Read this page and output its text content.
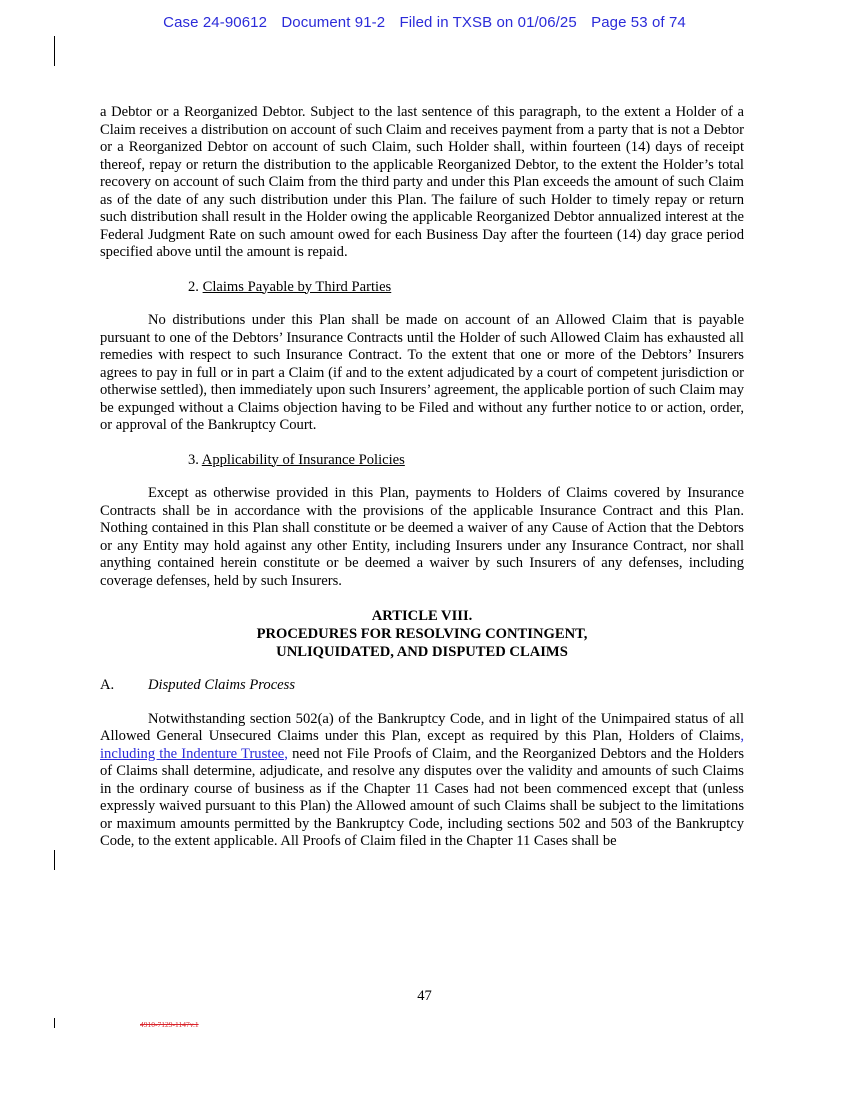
Case 24-90612 Document 91-2 Filed in TXSB on 01/06/25 Page 53 of 74

a Debtor or a Reorganized Debtor. Subject to the last sentence of this paragraph, to the extent a Holder of a Claim receives a distribution on account of such Claim and receives payment from a party that is not a Debtor or a Reorganized Debtor on account of such Claim, such Holder shall, within fourteen (14) days of receipt thereof, repay or return the distribution to the applicable Reorganized Debtor, to the extent the Holder’s total recovery on account of such Claim from the third party and under this Plan exceeds the amount of such Claim as of the date of any such distribution under this Plan. The failure of such Holder to timely repay or return such distribution shall result in the Holder owing the applicable Reorganized Debtor annualized interest at the Federal Judgment Rate on such amount owed for each Business Day after the fourteen (14) day grace period specified above until the amount is repaid.

2. Claims Payable by Third Parties

No distributions under this Plan shall be made on account of an Allowed Claim that is payable pursuant to one of the Debtors’ Insurance Contracts until the Holder of such Allowed Claim has exhausted all remedies with respect to such Insurance Contract. To the extent that one or more of the Debtors’ Insurers agrees to pay in full or in part a Claim (if and to the extent adjudicated by a court of competent jurisdiction or otherwise settled), then immediately upon such Insurers’ agreement, the applicable portion of such Claim may be expunged without a Claims objection having to be Filed and without any further notice to or action, order, or approval of the Bankruptcy Court.

3. Applicability of Insurance Policies

Except as otherwise provided in this Plan, payments to Holders of Claims covered by Insurance Contracts shall be in accordance with the provisions of the applicable Insurance Contract and this Plan. Nothing contained in this Plan shall constitute or be deemed a waiver of any Cause of Action that the Debtors or any Entity may hold against any other Entity, including Insurers under any Insurance Contract, nor shall anything contained herein constitute or be deemed a waiver by such Insurers of any defenses, including coverage defenses, held by such Insurers.

ARTICLE VIII.
PROCEDURES FOR RESOLVING CONTINGENT,
UNLIQUIDATED, AND DISPUTED CLAIMS
A. Disputed Claims Process

Notwithstanding section 502(a) of the Bankruptcy Code, and in light of the Unimpaired status of all Allowed General Unsecured Claims under this Plan, except as required by this Plan, Holders of Claims, including the Indenture Trustee, need not File Proofs of Claim, and the Reorganized Debtors and the Holders of Claims shall determine, adjudicate, and resolve any disputes over the validity and amounts of such Claims in the ordinary course of business as if the Chapter 11 Cases had not been commenced except that (unless expressly waived pursuant to this Plan) the Allowed amount of such Claims shall be subject to the limitations or maximum amounts permitted by the Bankruptcy Code, including sections 502 and 503 of the Bankruptcy Code, to the extent applicable. All Proofs of Claim filed in the Chapter 11 Cases shall be

47
4910-7129-1147v.1
